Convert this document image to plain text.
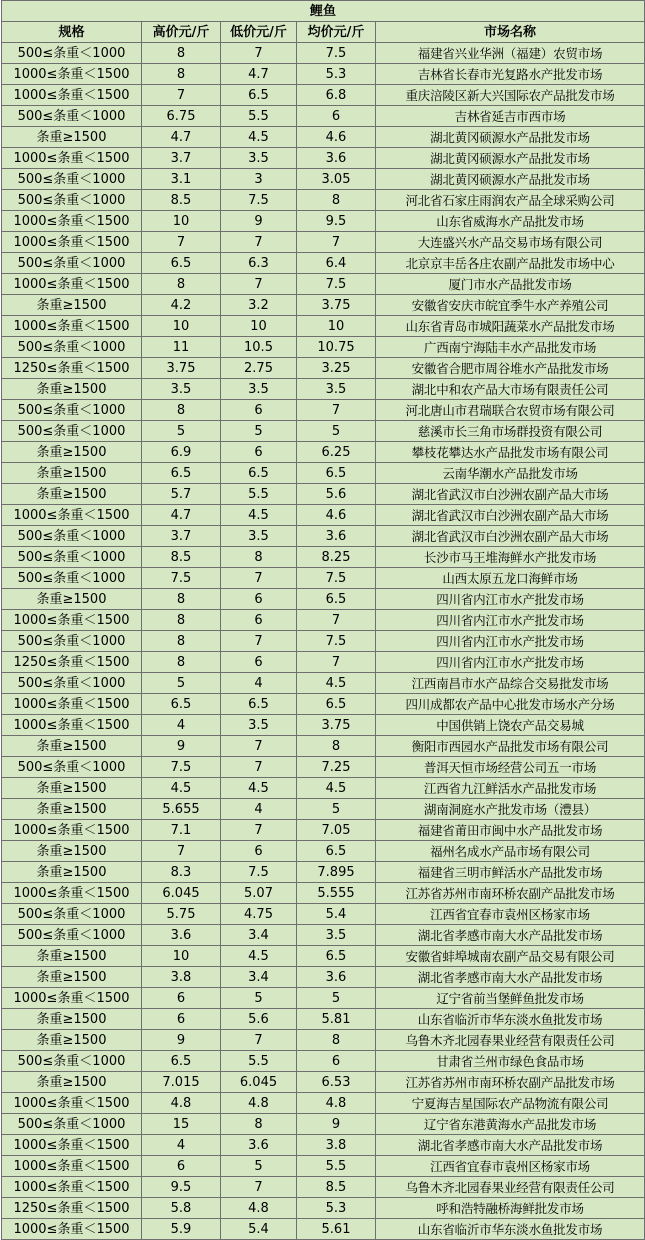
鲤鱼				
规格	高价元/斤	低价元/斤	均价元/斤	市场名称
500≤条重＜1000	8	7	7.5	福建省兴业华洲（福建）农贸市场
1000≤条重＜1500	8	4.7	5.3	吉林省长春市光复路水产批发市场
1000≤条重＜1500	7	6.5	6.8	重庆涪陵区新大兴国际农产品批发市场
500≤条重＜1000	6.75	5.5	6	吉林省延吉市西市场
条重≥1500	4.7	4.5	4.6	湖北黄冈硕源水产品批发市场
1000≤条重＜1500	3.7	3.5	3.6	湖北黄冈硕源水产品批发市场
500≤条重＜1000	3.1	3	3.05	湖北黄冈硕源水产品批发市场
500≤条重＜1000	8.5	7.5	8	河北省石家庄雨润农产品全球采购公司
1000≤条重＜1500	10	9	9.5	山东省威海水产品批发市场
1000≤条重＜1500	7	7	7	大连盛兴水产品交易市场有限公司
500≤条重＜1000	6.5	6.3	6.4	北京京丰岳各庄农副产品批发市场中心
1000≤条重＜1500	8	7	7.5	厦门市水产品批发市场
条重≥1500	4.2	3.2	3.75	安徽省安庆市皖宜季牛水产养殖公司
1000≤条重＜1500	10	10	10	山东省青岛市城阳蔬菜水产品批发市场
500≤条重＜1000	11	10.5	10.75	广西南宁海陆丰水产品批发市场
1250≤条重＜1500	3.75	2.75	3.25	安徽省合肥市周谷堆水产品批发市场
条重≥1500	3.5	3.5	3.5	湖北中和农产品大市场有限责任公司
500≤条重＜1000	8	6	7	河北唐山市君瑞联合农贸市场有限公司
500≤条重＜1000	5	5	5	慈溪市长三角市场群投资有限公司
条重≥1500	6.9	6	6.25	攀枝花攀达水产品批发市场有限公司
条重≥1500	6.5	6.5	6.5	云南华潮水产品批发市场
条重≥1500	5.7	5.5	5.6	湖北省武汉市白沙洲农副产品大市场
1000≤条重＜1500	4.7	4.5	4.6	湖北省武汉市白沙洲农副产品大市场
500≤条重＜1000	3.7	3.5	3.6	湖北省武汉市白沙洲农副产品大市场
500≤条重＜1000	8.5	8	8.25	长沙市马王堆海鲜水产批发市场
500≤条重＜1000	7.5	7	7.5	山西太原五龙口海鲜市场
条重≥1500	8	6	6.5	四川省内江市水产批发市场
1000≤条重＜1500	8	6	7	四川省内江市水产批发市场
500≤条重＜1000	8	7	7.5	四川省内江市水产批发市场
1250≤条重＜1500	8	6	7	四川省内江市水产批发市场
500≤条重＜1000	5	4	4.5	江西南昌市水产品综合交易批发市场
1000≤条重＜1500	6.5	6.5	6.5	四川成都农产品中心批发市场水产分场
1000≤条重＜1500	4	3.5	3.75	中国供销上饶农产品交易城
条重≥1500	9	7	8	衡阳市西园水产品批发市场有限公司
500≤条重＜1000	7.5	7	7.25	普洱天恒市场经营公司五一市场
条重≥1500	4.5	4.5	4.5	江西省九江鲜活水产品批发市场
条重≥1500	5.655	4	5	湖南洞庭水产批发市场（澧县）
1000≤条重＜1500	7.1	7	7.05	福建省莆田市闽中水产品批发市场
条重≥1500	7	6	6.5	福州名成水产品市场有限公司
条重≥1500	8.3	7.5	7.895	福建省三明市鲜活水产品批发市场
1000≤条重＜1500	6.045	5.07	5.555	江苏省苏州市南环桥农副产品批发市场
500≤条重＜1000	5.75	4.75	5.4	江西省宜春市袁州区杨家市场
500≤条重＜1000	3.6	3.4	3.5	湖北省孝感市南大水产品批发市场
条重≥1500	10	4.5	6.5	安徽省蚌埠城南农副产品交易有限公司
条重≥1500	3.8	3.4	3.6	湖北省孝感市南大水产品批发市场
1000≤条重＜1500	6	5	5	辽宁省前当堡鲜鱼批发市场
条重≥1500	6	5.6	5.81	山东省临沂市华东淡水鱼批发市场
条重≥1500	9	7	8	乌鲁木齐北园春果业经营有限责任公司
500≤条重＜1000	6.5	5.5	6	甘肃省兰州市绿色食品市场
条重≥1500	7.015	6.045	6.53	江苏省苏州市南环桥农副产品批发市场
1000≤条重＜1500	4.8	4.8	4.8	宁夏海吉星国际农产品物流有限公司
500≤条重＜1000	15	8	9	辽宁省东港黄海水产品批发市场
1000≤条重＜1500	4	3.6	3.8	湖北省孝感市南大水产品批发市场
1000≤条重＜1500	6	5	5.5	江西省宜春市袁州区杨家市场
1000≤条重＜1500	9.5	7	8.5	乌鲁木齐北园春果业经营有限责任公司
1250≤条重＜1500	5.8	4.8	5.3	呼和浩特融桥海鲜批发市场
1000≤条重＜1500	5.9	5.4	5.61	山东省临沂市华东淡水鱼批发市场
